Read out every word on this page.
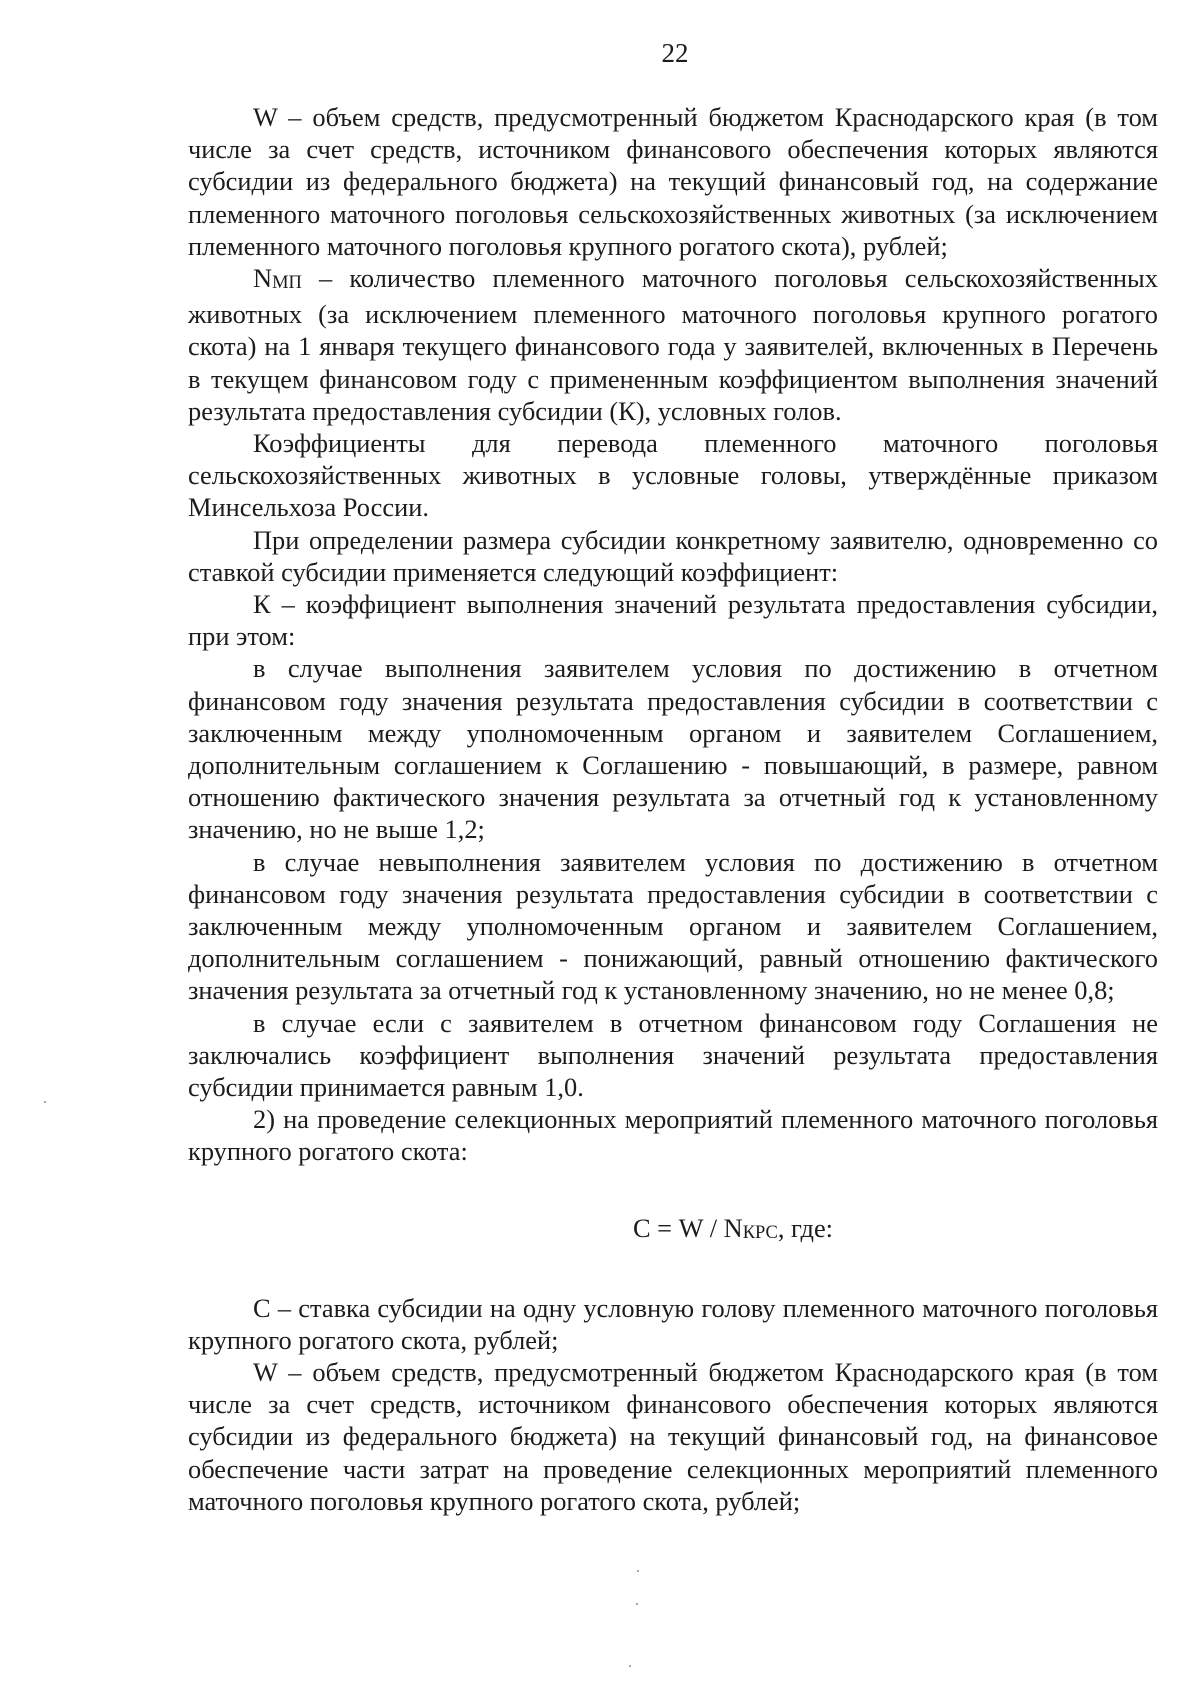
22

W – объем средств, предусмотренный бюджетом Краснодарского края (в том числе за счет средств, источником финансового обеспечения которых являются субсидии из федерального бюджета) на текущий финансовый год, на содержание племенного маточного поголовья сельскохозяйственных животных (за исключением племенного маточного поголовья крупного рогатого скота), рублей;

NМП – количество племенного маточного поголовья сельскохозяйственных животных (за исключением племенного маточного поголовья крупного рогатого скота) на 1 января текущего финансового года у заявителей, включенных в Перечень в текущем финансовом году с примененным коэффициентом выполнения значений результата предоставления субсидии (К), условных голов.

Коэффициенты для перевода племенного маточного поголовья сельскохозяйственных животных в условные головы, утверждённые приказом Минсельхоза России.

При определении размера субсидии конкретному заявителю, одновременно со ставкой субсидии применяется следующий коэффициент:

К – коэффициент выполнения значений результата предоставления субсидии, при этом:

в случае выполнения заявителем условия по достижению в отчетном финансовом году значения результата предоставления субсидии в соответствии с заключенным между уполномоченным органом и заявителем Соглашением, дополнительным соглашением к Соглашению - повышающий, в размере, равном отношению фактического значения результата за отчетный год к установленному значению, но не выше 1,2;

в случае невыполнения заявителем условия по достижению в отчетном финансовом году значения результата предоставления субсидии в соответствии с заключенным между уполномоченным органом и заявителем Соглашением, дополнительным соглашением - понижающий, равный отношению фактического значения результата за отчетный год к установленному значению, но не менее 0,8;

в случае если с заявителем в отчетном финансовом году Соглашения не заключались коэффициент выполнения значений результата предоставления субсидии принимается равным 1,0.

2) на проведение селекционных мероприятий племенного маточного поголовья крупного рогатого скота:

С = W / NКРС, где:

С – ставка субсидии на одну условную голову племенного маточного поголовья крупного рогатого скота, рублей;

W – объем средств, предусмотренный бюджетом Краснодарского края (в том числе за счет средств, источником финансового обеспечения которых являются субсидии из федерального бюджета) на текущий финансовый год, на финансовое обеспечение части затрат на проведение селекционных мероприятий племенного маточного поголовья крупного рогатого скота, рублей;
